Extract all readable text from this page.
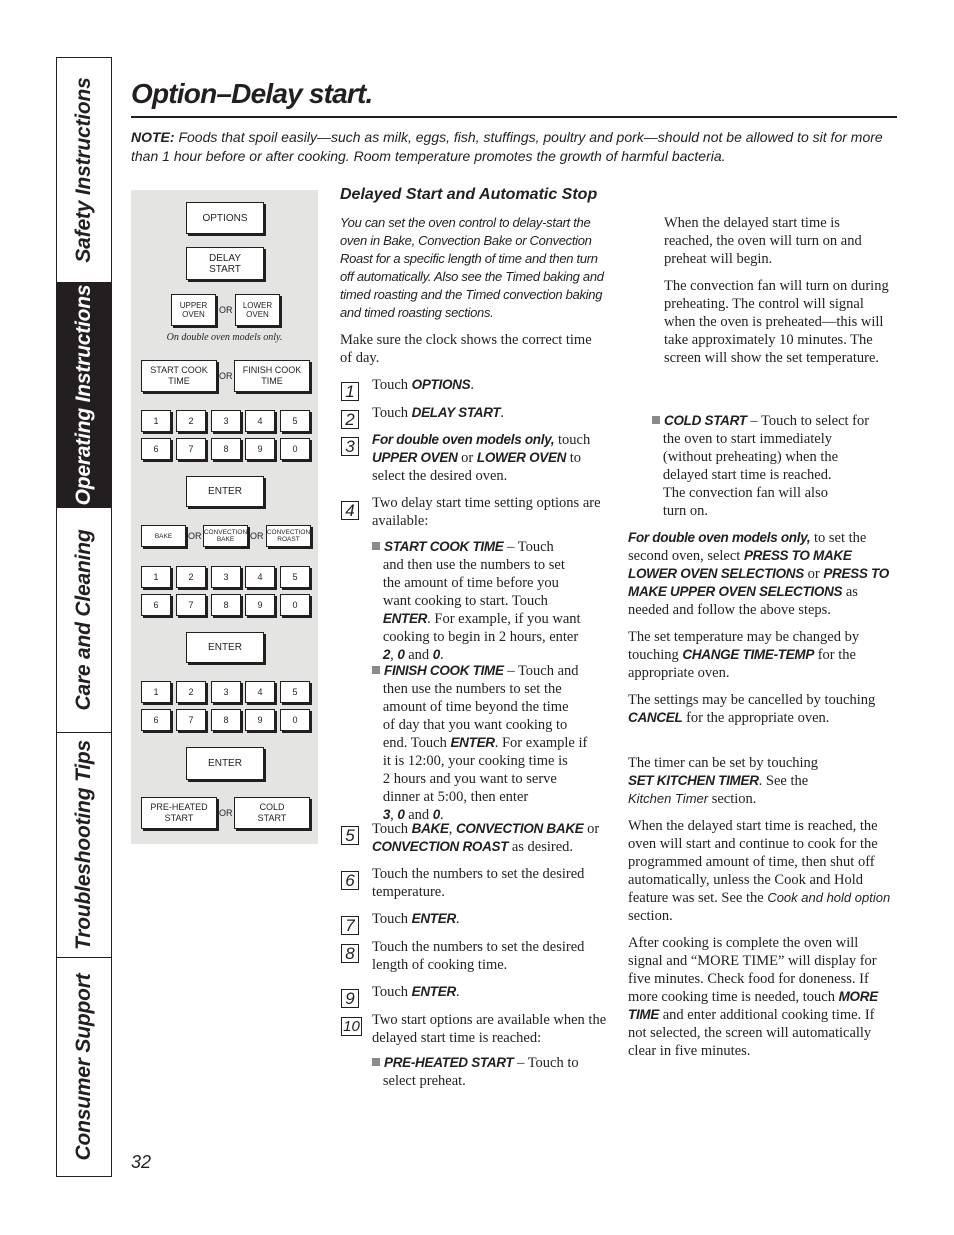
Safety Instructions
Operating Instructions
Care and Cleaning
Troubleshooting Tips
Consumer Support
Option–Delay start.
NOTE: Foods that spoil easily—such as milk, eggs, fish, stuffings, poultry and pork—should not be allowed to sit for more than 1 hour before or after cooking. Room temperature promotes the growth of harmful bacteria.
OPTIONS
DELAY
START
UPPER
OVEN	OR	LOWER
OVEN
On double oven models only.
START COOK
TIME	OR
FINISH COOK
TIME
1	2	3	4	5
6	7	8	9	0
ENTER
BAKE	OR CONVECTION
BAKE	OR CONVECTION
ROAST
1	2	3	4	5
6	7	8	9	0
ENTER
1	2	3	4	5
6	7	8	9	0
ENTER
PRE-HEATED
START	OR
COLD
START
Delayed Start and Automatic Stop
You can set the oven control to delay-start the oven in Bake, Convection Bake or Convection Roast for a specific length of time and then turn off automatically. Also see the Timed baking and timed roasting and the Timed convection baking and timed roasting sections.
Make sure the clock shows the correct time of day.
1 Touch OPTIONS.
2 Touch DELAY START.
3	For double oven models only, touch UPPER OVEN or LOWER OVEN to select the desired oven.
4 Two delay start time setting options are available:
START COOK TIME – Touch
and then use the numbers to set
the amount of time before you
want cooking to start. Touch
ENTER. For example, if you want
cooking to begin in 2 hours, enter
2, 0 and 0.
FINISH COOK TIME – Touch and
then use the numbers to set the
amount of time beyond the time
of day that you want cooking to
end. Touch ENTER. For example if
it is 12:00, your cooking time is
2 hours and you want to serve
dinner at 5:00, then enter
3, 0 and 0.
5 Touch BAKE, CONVECTION BAKE or CONVECTION ROAST as desired.
6 Touch the numbers to set the desired temperature.
7 Touch ENTER.
8 Touch the numbers to set the desired length of cooking time.
9 Touch ENTER.
10 Two start options are available when the delayed start time is reached:
PRE-HEATED START – Touch to
select preheat.
When the delayed start time is reached, the oven will turn on and preheat will begin.
The convection fan will turn on during preheating. The control will signal when the oven is preheated—this will take approximately 10 minutes. The screen will show the set temperature.
COLD START – Touch to select for
the oven to start immediately
(without preheating) when the
delayed start time is reached.
The convection fan will also
turn on.
For double oven models only, to set the second oven, select PRESS TO MAKE LOWER OVEN SELECTIONS or PRESS TO MAKE UPPER OVEN SELECTIONS as needed and follow the above steps.
The set temperature may be changed by touching CHANGE TIME-TEMP for the appropriate oven.
The settings may be cancelled by touching CANCEL for the appropriate oven.
The timer can be set by touching
SET KITCHEN TIMER. See the
Kitchen Timer section.
When the delayed start time is reached, the oven will start and continue to cook for the programmed amount of time, then shut off automatically, unless the Cook and Hold feature was set. See the Cook and hold option section.
After cooking is complete the oven will signal and “MORE TIME” will display for five minutes. Check food for doneness. If more cooking time is needed, touch MORE TIME and enter additional cooking time. If not selected, the screen will automatically clear in five minutes.
32
